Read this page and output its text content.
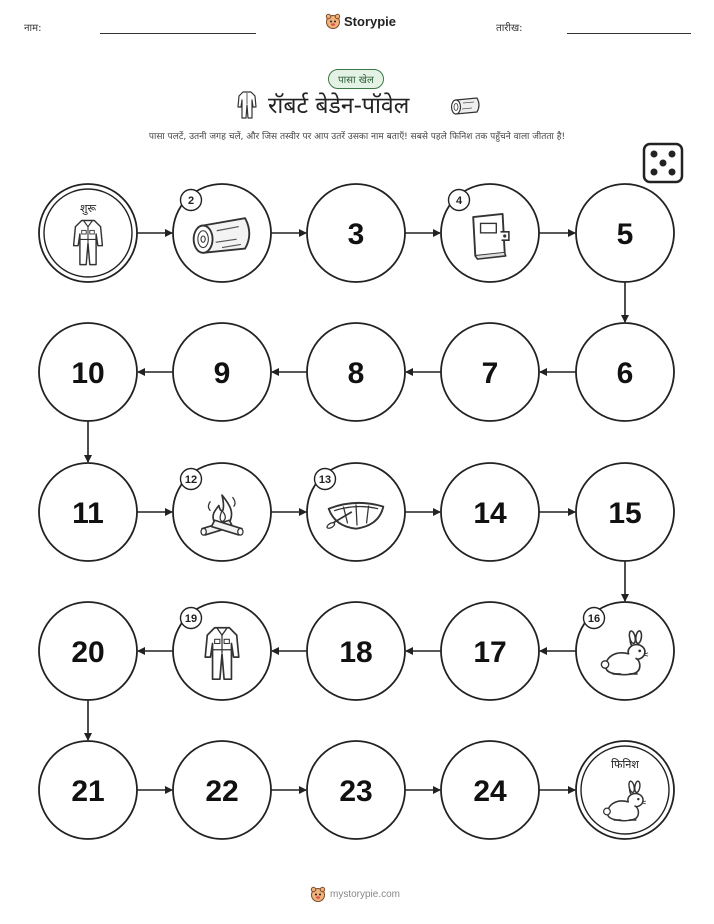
नाम:	Storypie	तारीख:
पासा खेल
रॉबर्ट बेडेन-पॉवेल
पासा पलटें, उतनी जगह चलें, और जिस तस्वीर पर आप उतरें उसका नाम बताएँ! सबसे पहले फिनिश तक पहुँचने वाला जीतता है!
शुरू
2
3
4
5
6
7
8
9
10
11
12	13
14	15
16
17
18
19
20
21	22	23	24
फिनिश
mystorypie.com
